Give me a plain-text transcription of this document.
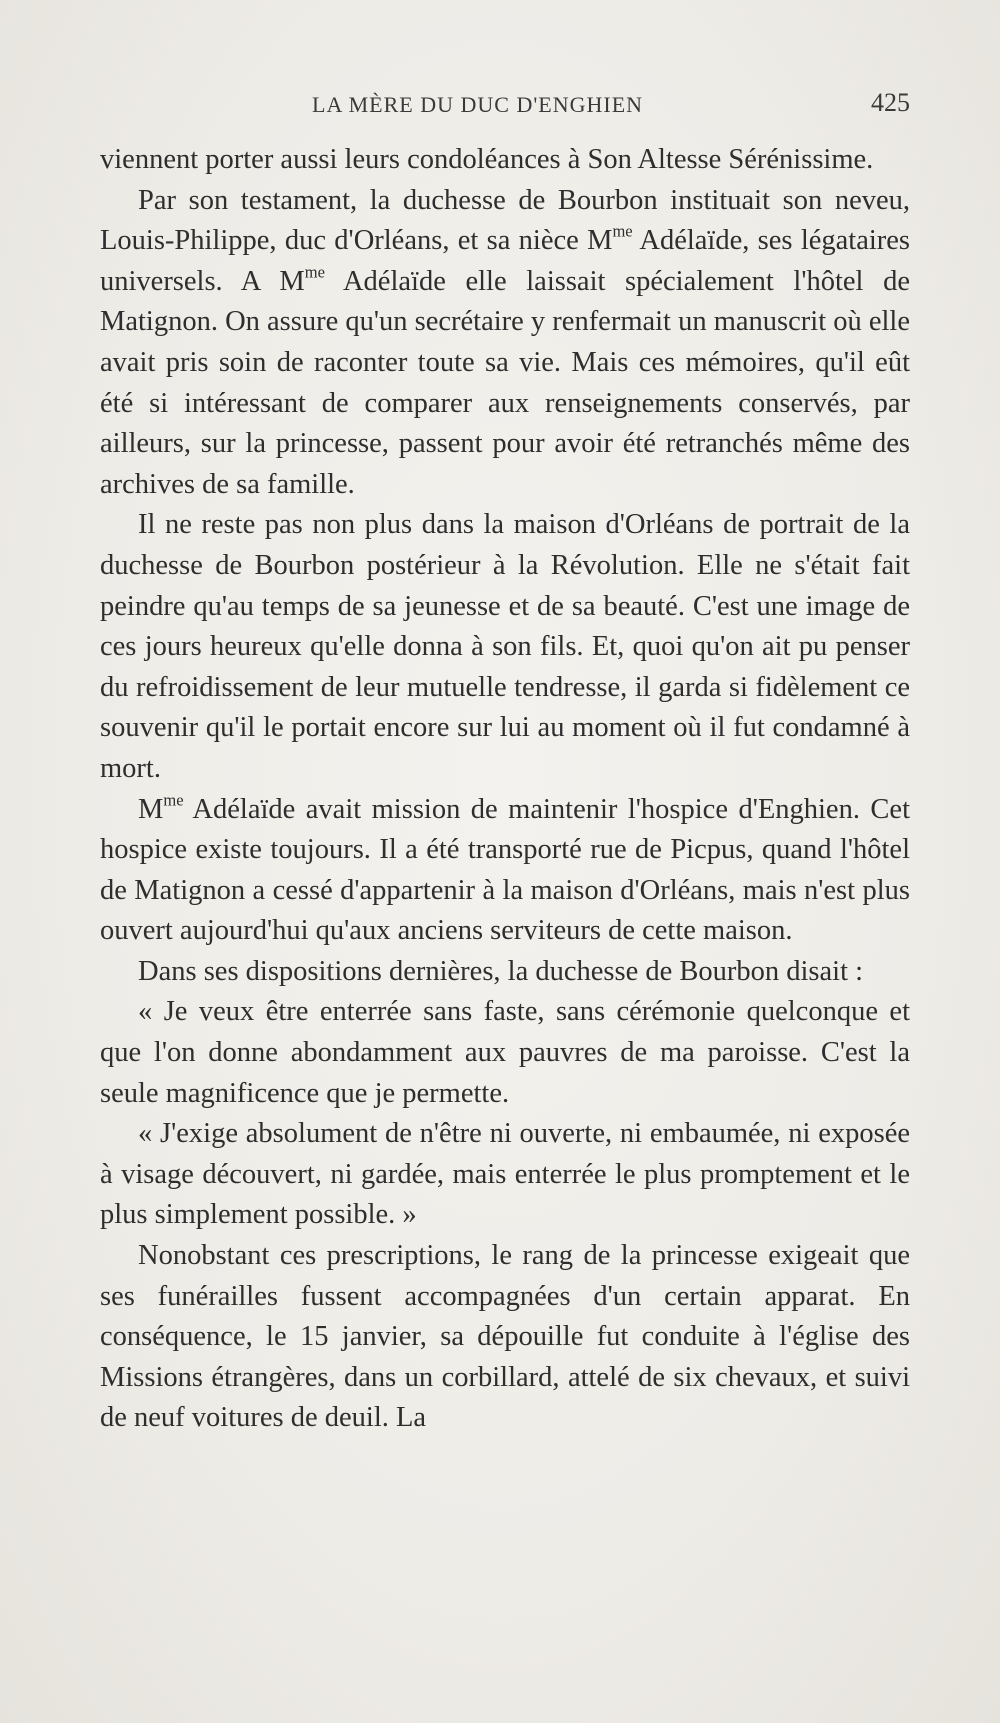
LA MÈRE DU DUC D'ENGHIEN	425

viennent porter aussi leurs condoléances à Son Altesse Sérénissime.

Par son testament, la duchesse de Bourbon instituait son neveu, Louis-Philippe, duc d'Orléans, et sa nièce $M^{me}$ Adélaïde, ses légataires universels. A $M^{me}$ Adélaïde elle laissait spécialement l'hôtel de Matignon. On assure qu'un secrétaire y renfermait un manuscrit où elle avait pris soin de raconter toute sa vie. Mais ces mémoires, qu'il eût été si intéressant de comparer aux renseignements conservés, par ailleurs, sur la princesse, passent pour avoir été retranchés même des archives de sa famille.

Il ne reste pas non plus dans la maison d'Orléans de portrait de la duchesse de Bourbon postérieur à la Révolution. Elle ne s'était fait peindre qu'au temps de sa jeunesse et de sa beauté. C'est une image de ces jours heureux qu'elle donna à son fils. Et, quoi qu'on ait pu penser du refroidissement de leur mutuelle tendresse, il garda si fidèlement ce souvenir qu'il le portait encore sur lui au moment où il fut condamné à mort.

$M^{me}$ Adélaïde avait mission de maintenir l'hospice d'Enghien. Cet hospice existe toujours. Il a été transporté rue de Picpus, quand l'hôtel de Matignon a cessé d'appartenir à la maison d'Orléans, mais n'est plus ouvert aujourd'hui qu'aux anciens serviteurs de cette maison.

Dans ses dispositions dernières, la duchesse de Bourbon disait :

« Je veux être enterrée sans faste, sans cérémonie quelconque et que l'on donne abondamment aux pauvres de ma paroisse. C'est la seule magnificence que je permette.

« J'exige absolument de n'être ni ouverte, ni embaumée, ni exposée à visage découvert, ni gardée, mais enterrée le plus promptement et le plus simplement possible. »

Nonobstant ces prescriptions, le rang de la princesse exigeait que ses funérailles fussent accompagnées d'un certain apparat. En conséquence, le 15 janvier, sa dépouille fut conduite à l'église des Missions étrangères, dans un corbillard, attelé de six chevaux, et suivi de neuf voitures de deuil. La
